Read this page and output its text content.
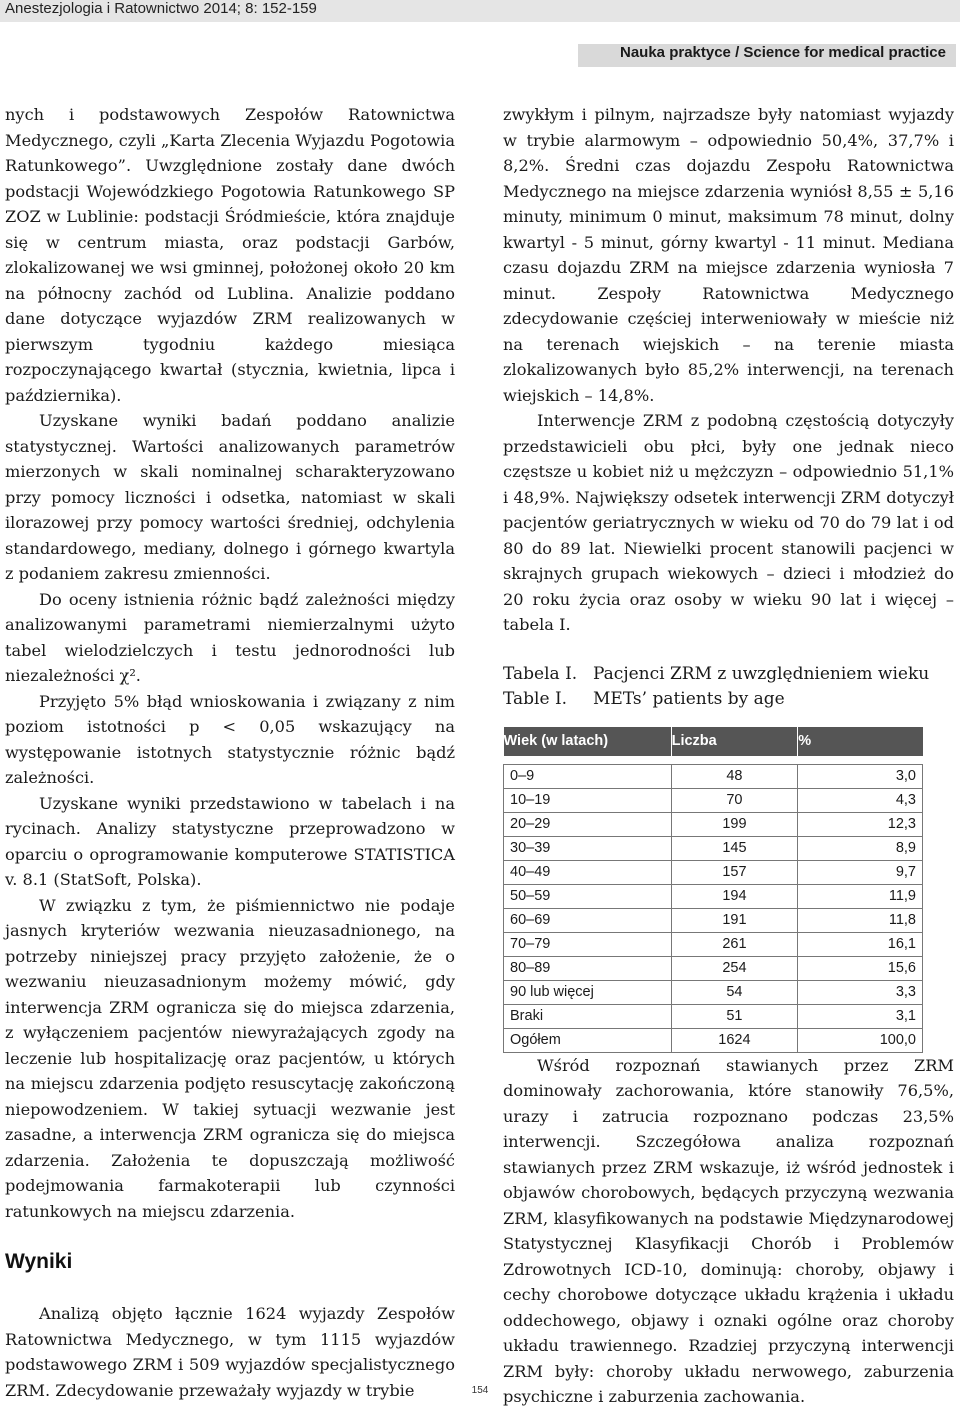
Anestezjologia i Ratownictwo 2014; 8: 152-159
Nauka praktyce / Science for medical practice

nych i podstawowych Zespołów Ratownictwa Medycznego, czyli „Karta Zlecenia Wyjazdu Pogotowia Ratunkowego”. Uwzględnione zostały dane dwóch podstacji Wojewódzkiego Pogotowia Ratunkowego SP ZOZ w Lublinie: podstacji Śródmieście, która znajduje się w centrum miasta, oraz podstacji Garbów, zlokalizowanej we wsi gminnej, położonej około 20 km na północny zachód od Lublina. Analizie poddano dane dotyczące wyjazdów ZRM realizowanych w pierwszym tygodniu każdego miesiąca rozpoczynającego kwartał (stycznia, kwietnia, lipca i października).

Uzyskane wyniki badań poddano analizie statystycznej. Wartości analizowanych parametrów mierzonych w skali nominalnej scharakteryzowano przy pomocy liczności i odsetka, natomiast w skali ilorazowej przy pomocy wartości średniej, odchylenia standardowego, mediany, dolnego i górnego kwartyla z podaniem zakresu zmienności.

Do oceny istnienia różnic bądź zależności między analizowanymi parametrami niemierzalnymi użyto tabel wielodzielczych i testu jednorodności lub niezależności χ².

Przyjęto 5% błąd wnioskowania i związany z nim poziom istotności p < 0,05 wskazujący na występowanie istotnych statystycznie różnic bądź zależności.

Uzyskane wyniki przedstawiono w tabelach i na rycinach. Analizy statystyczne przeprowadzono w oparciu o oprogramowanie komputerowe STATISTICA v. 8.1 (StatSoft, Polska).

W związku z tym, że piśmiennictwo nie podaje jasnych kryteriów wezwania nieuzasadnionego, na potrzeby niniejszej pracy przyjęto założenie, że o wezwaniu nieuzasadnionym możemy mówić, gdy interwencja ZRM ogranicza się do miejsca zdarzenia, z wyłączeniem pacjentów niewyrażających zgody na leczenie lub hospitalizację oraz pacjentów, u których na miejscu zdarzenia podjęto resuscytację zakończoną niepowodzeniem. W takiej sytuacji wezwanie jest zasadne, a interwencja ZRM ogranicza się do miejsca zdarzenia. Założenia te dopuszczają możliwość podejmowania farmakoterapii lub czynności ratunkowych na miejscu zdarzenia.

Wyniki

Analizą objęto łącznie 1624 wyjazdy Zespołów Ratownictwa Medycznego, w tym 1115 wyjazdów podstawowego ZRM i 509 wyjazdów specjalistycznego ZRM. Zdecydowanie przeważały wyjazdy w trybie

zwykłym i pilnym, najrzadsze były natomiast wyjazdy w trybie alarmowym – odpowiednio 50,4%, 37,7% i 8,2%. Średni czas dojazdu Zespołu Ratownictwa Medycznego na miejsce zdarzenia wyniósł 8,55 ± 5,16 minuty, minimum 0 minut, maksimum 78 minut, dolny kwartyl - 5 minut, górny kwartyl - 11 minut. Mediana czasu dojazdu ZRM na miejsce zdarzenia wyniosła 7 minut. Zespoły Ratownictwa Medycznego zdecydowanie częściej interweniowały w mieście niż na terenach wiejskich – na terenie miasta zlokalizowanych było 85,2% interwencji, na terenach wiejskich – 14,8%.

Interwencje ZRM z podobną częstością dotyczyły przedstawicieli obu płci, były one jednak nieco częstsze u kobiet niż u mężczyzn – odpowiednio 51,1% i 48,9%. Największy odsetek interwencji ZRM dotyczył pacjentów geriatrycznych w wieku od 70 do 79 lat i od 80 do 89 lat. Niewielki procent stanowili pacjenci w skrajnych grupach wiekowych – dzieci i młodzież do 20 roku życia oraz osoby w wieku 90 lat i więcej – tabela I.

Tabela I. Pacjenci ZRM z uwzględnieniem wieku
Table I.	METs’ patients by age
Wiek (w latach)	Liczba	%

0–9	48	3,0
10–19	70	4,3
20–29	199	12,3
30–39	145	8,9
40–49	157	9,7
50–59	194	11,9
60–69	191	11,8
70–79	261	16,1
80–89	254	15,6
90 lub więcej	54	3,3
Braki	51	3,1
Ogółem	1624	100,0

Wśród rozpoznań stawianych przez ZRM dominowały zachorowania, które stanowiły 76,5%, urazy i zatrucia rozpoznano podczas 23,5% interwencji. Szczegółowa analiza rozpoznań stawianych przez ZRM wskazuje, iż wśród jednostek i objawów chorobowych, będących przyczyną wezwania ZRM, klasyfikowanych na podstawie Międzynarodowej Statystycznej Klasyfikacji Chorób i Problemów Zdrowotnych ICD-10, dominują: choroby, objawy i cechy chorobowe dotyczące układu krążenia i układu oddechowego, objawy i oznaki ogólne oraz choroby układu trawiennego. Rzadziej przyczyną interwencji ZRM były: choroby układu nerwowego, zaburzenia psychiczne i zaburzenia zachowania.

154
